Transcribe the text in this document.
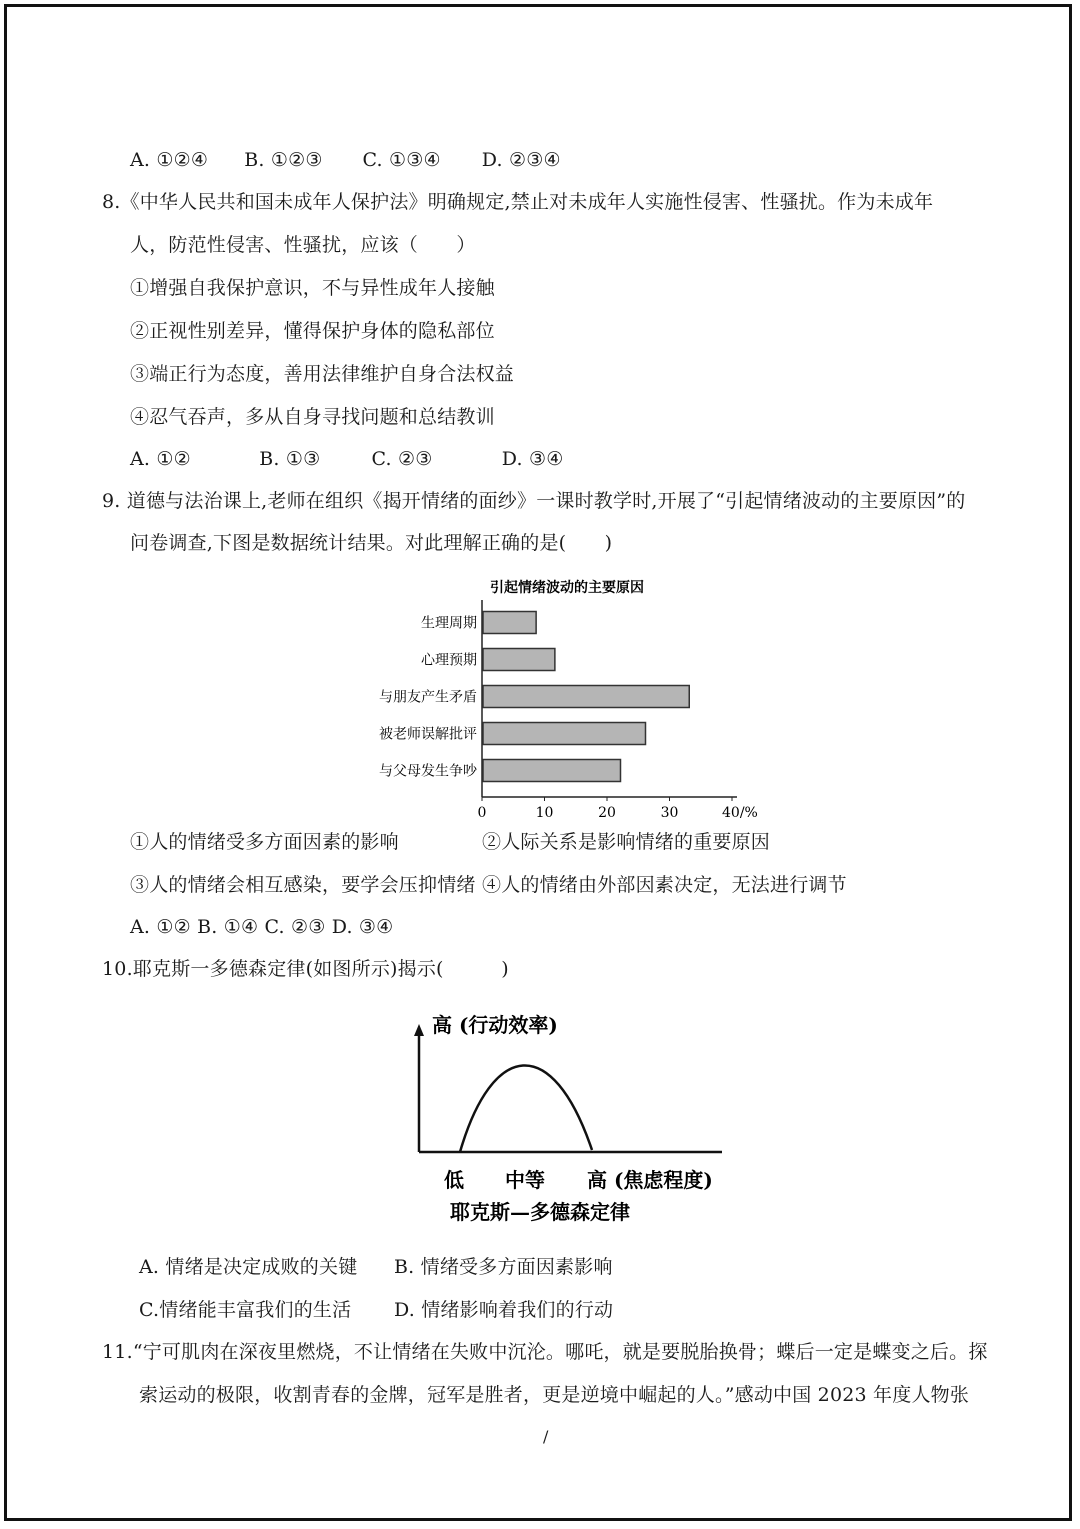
A. ①②④ B. ①②③ C. ①③④ D. ②③④
8.《中华人民共和国未成年人保护法》明确规定,禁止对未成年人实施性侵害、性骚扰。作为未成年
人，防范性侵害、性骚扰，应该（　　）
①增强自我保护意识，不与异性成年人接触
②正视性别差异，懂得保护身体的隐私部位
③端正行为态度，善用法律维护自身合法权益
④忍气吞声，多从自身寻找问题和总结教训
A. ①②	B. ①③	C. ②③	D. ③④
9. 道德与法治课上,老师在组织《揭开情绪的面纱》一课时教学时,开展了“引起情绪波动的主要原因”的
问卷调查,下图是数据统计结果。对此理解正确的是(　　)
引起情绪波动的主要原因
生理周期
心理预期
与朋友产生矛盾
被老师误解批评
与父母发生争吵
0	10	20	30	40/%
①人的情绪受多方面因素的影响	②人际关系是影响情绪的重要原因
③人的情绪会相互感染，要学会压抑情绪 ④人的情绪由外部因素决定，无法进行调节
A. ①② B. ①④ C. ②③ D. ③④
10.耶克斯一多德森定律(如图所示)揭示(　　　)
高 (行动效率)
低 中等 高 (焦虑程度)
耶克斯—多德森定律
A. 情绪是决定成败的关键 B. 情绪受多方面因素影响
C.情绪能丰富我们的生活 D. 情绪影响着我们的行动
11.“宁可肌肉在深夜里燃烧，不让情绪在失败中沉沦。哪吒，就是要脱胎换骨；蝶后一定是蝶变之后。探
索运动的极限，收割青春的金牌，冠军是胜者，更是逆境中崛起的人。”感动中国 2023 年度人物张
/
